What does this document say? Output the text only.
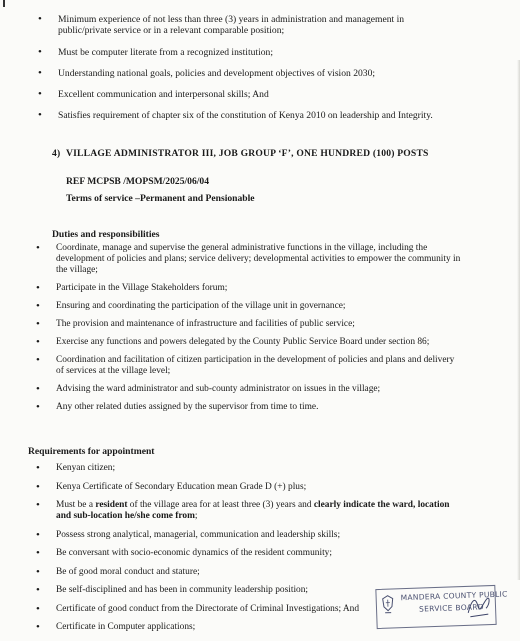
• Minimum experience of not less than three (3) years in administration and management in public/private service or in a relevant comparable position;
• Must be computer literate from a recognized institution;
• Understanding national goals, policies and development objectives of vision 2030;
• Excellent communication and interpersonal skills; And
• Satisfies requirement of chapter six of the constitution of Kenya 2010 on leadership and Integrity.
4) VILLAGE ADMINISTRATOR III, JOB GROUP ‘F’, ONE HUNDRED (100) POSTS
REF MCPSB /MOPSM/2025/06/04
Terms of service –Permanent and Pensionable
Duties and responsibilities
• Coordinate, manage and supervise the general administrative functions in the village, including the development of policies and plans; service delivery; developmental activities to empower the community in the village;
• Participate in the Village Stakeholders forum;
• Ensuring and coordinating the participation of the village unit in governance;
• The provision and maintenance of infrastructure and facilities of public service;
• Exercise any functions and powers delegated by the County Public Service Board under section 86;
• Coordination and facilitation of citizen participation in the development of policies and plans and delivery of services at the village level;
• Advising the ward administrator and sub-county administrator on issues in the village;
• Any other related duties assigned by the supervisor from time to time.
Requirements for appointment
• Kenyan citizen;
• Kenya Certificate of Secondary Education mean Grade D (+) plus;
• Must be a resident of the village area for at least three (3) years and clearly indicate the ward, location and sub-location he/she come from;
• Possess strong analytical, managerial, communication and leadership skills;
• Be conversant with socio-economic dynamics of the resident community;
• Be of good moral conduct and stature;
• Be self-disciplined and has been in community leadership position;
• Certificate of good conduct from the Directorate of Criminal Investigations; And
• Certificate in Computer applications;
MANDERA COUNTY PUBLIC
SERVICE BOARD
